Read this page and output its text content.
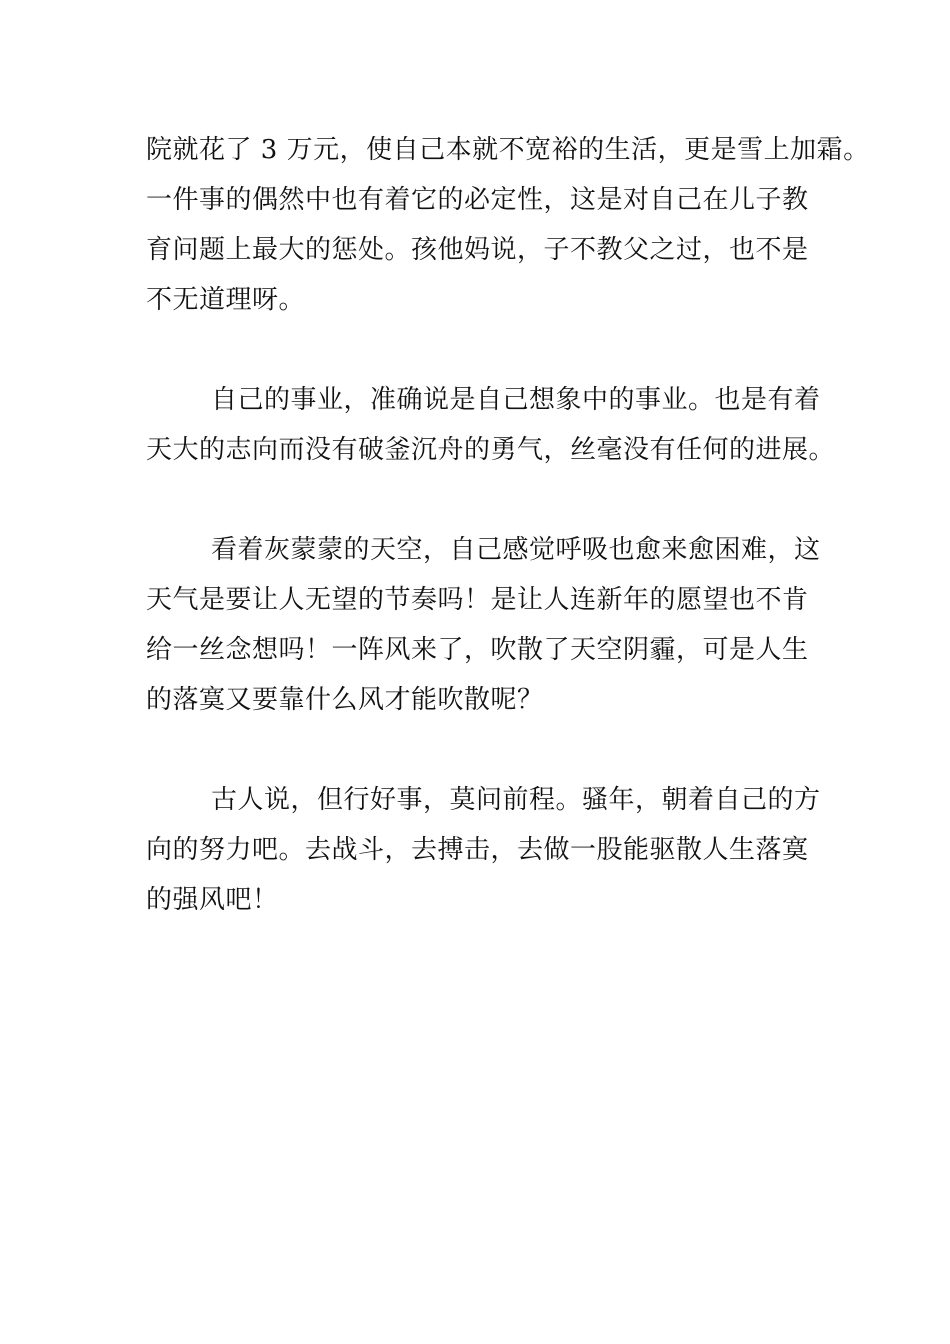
院就花了 3 万元，使自己本就不宽裕的生活，更是雪上加霜。
一件事的偶然中也有着它的必定性，这是对自己在儿子教
育问题上最大的惩处。孩他妈说，子不教父之过，也不是
不无道理呀。
自己的事业，准确说是自己想象中的事业。也是有着
天大的志向而没有破釜沉舟的勇气，丝毫没有任何的进展。
看着灰蒙蒙的天空，自己感觉呼吸也愈来愈困难，这
天气是要让人无望的节奏吗！是让人连新年的愿望也不肯
给一丝念想吗！一阵风来了，吹散了天空阴霾，可是人生
的落寞又要靠什么风才能吹散呢？
古人说，但行好事，莫问前程。骚年，朝着自己的方
向的努力吧。去战斗，去搏击，去做一股能驱散人生落寞
的强风吧！
